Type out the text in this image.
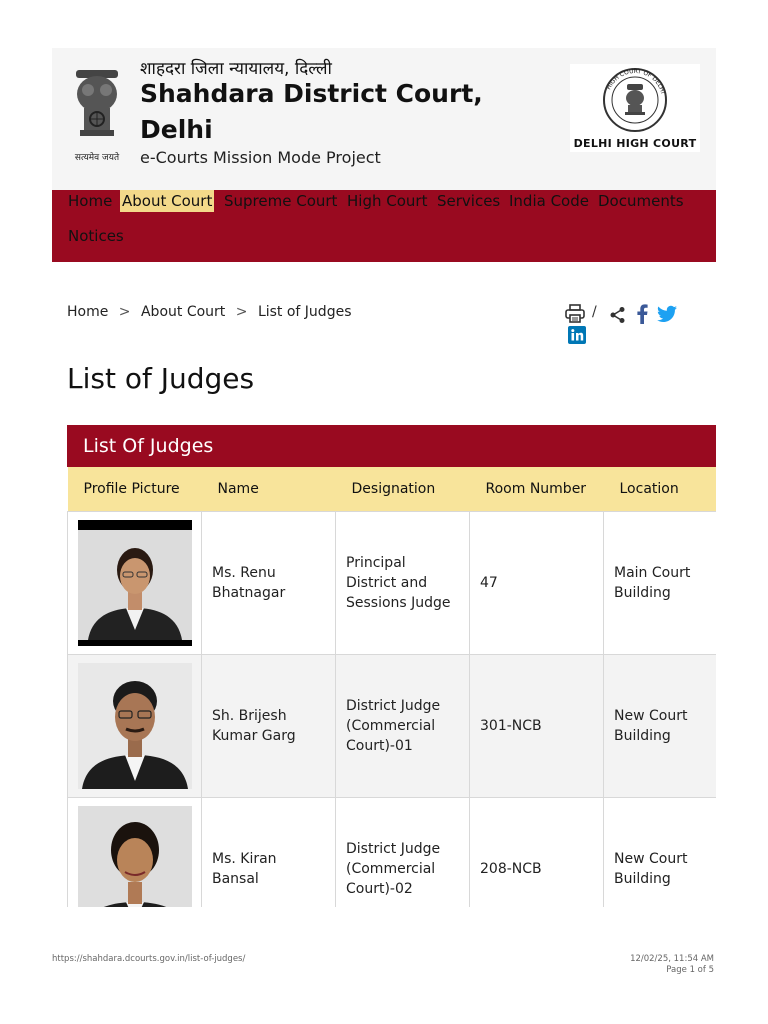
सत्यमेव जयते
शाहदरा जिला न्यायालय, दिल्ली
Shahdara District Court, Delhi
e-Courts Mission Mode Project
HIGH COURT OF DELHI
DELHI HIGH COURT
Home About Court Supreme Court High Court Services India Code Documents
Notices
Home > About Court > List of Judges	/
List of Judges
List Of Judges
Profile Picture	Name	Designation	Room Number	Location

	Ms. Renu Bhatnagar	Principal District and Sessions Judge	47	Main Court Building

	Sh. Brijesh Kumar Garg	District Judge (Commercial Court)-01	301-NCB	New Court Building

	Ms. Kiran Bansal	District Judge (Commercial Court)-02	208-NCB	New Court Building
https://shahdara.dcourts.gov.in/list-of-judges/	12/02/25, 11:54 AM
Page 1 of 5
